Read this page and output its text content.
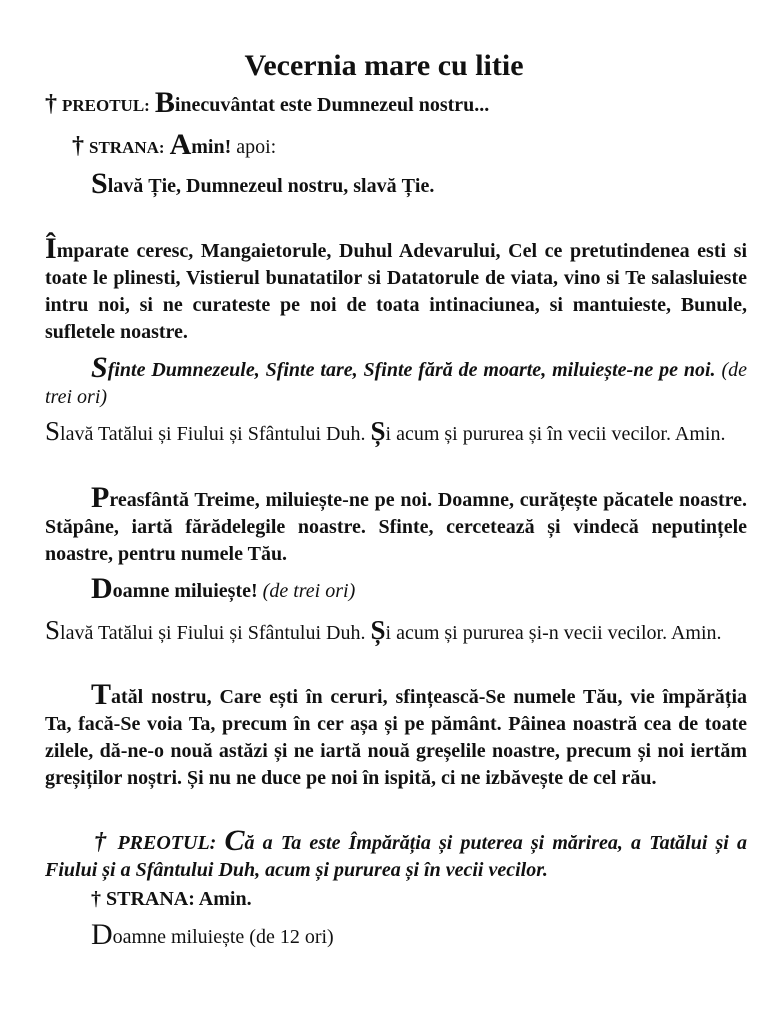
Vecernia mare cu litie
† PREOTUL: Binecuvântat este Dumnezeul nostru...
† STRANA: Amin! apoi:
Slavă Ție, Dumnezeul nostru, slavă Ție.
Împarate ceresc, Mangaietorule, Duhul Adevarului, Cel ce pretutindenea esti si toate le plinesti, Vistierul bunatatilor si Datatorule de viata, vino si Te salasluieste intru noi, si ne curateste pe noi de toata intinaciunea, si mantuieste, Bunule, sufletele noastre.
Sfinte Dumnezeule, Sfinte tare, Sfinte fără de moarte, miluiește-ne pe noi. (de trei ori)
Slavă Tatălui și Fiului și Sfântului Duh. Și acum și pururea și în vecii vecilor. Amin.
Preasfântă Treime, miluiește-ne pe noi. Doamne, curățește păcatele noastre. Stăpâne, iartă fărădelegile noastre. Sfinte, cercetează și vindecă neputințele noastre, pentru numele Tău.
Doamne miluiește! (de trei ori)
Slavă Tatălui și Fiului și Sfântului Duh. Și acum și pururea și-n vecii vecilor. Amin.
Tatăl nostru, Care ești în ceruri, sfințească-Se numele Tău, vie împărăția Ta, facă-Se voia Ta, precum în cer așa și pe pământ. Pâinea noastră cea de toate zilele, dă-ne-o nouă astăzi și ne iartă nouă greșelile noastre, precum și noi iertăm greșiților noștri. Și nu ne duce pe noi în ispită, ci ne izbăvește de cel rău.
† PREOTUL: Că a Ta este Împărăția și puterea și mărirea, a Tatălui și a Fiului și a Sfântului Duh, acum și pururea și în vecii vecilor.
† STRANA: Amin.
Doamne miluiește (de 12 ori)
